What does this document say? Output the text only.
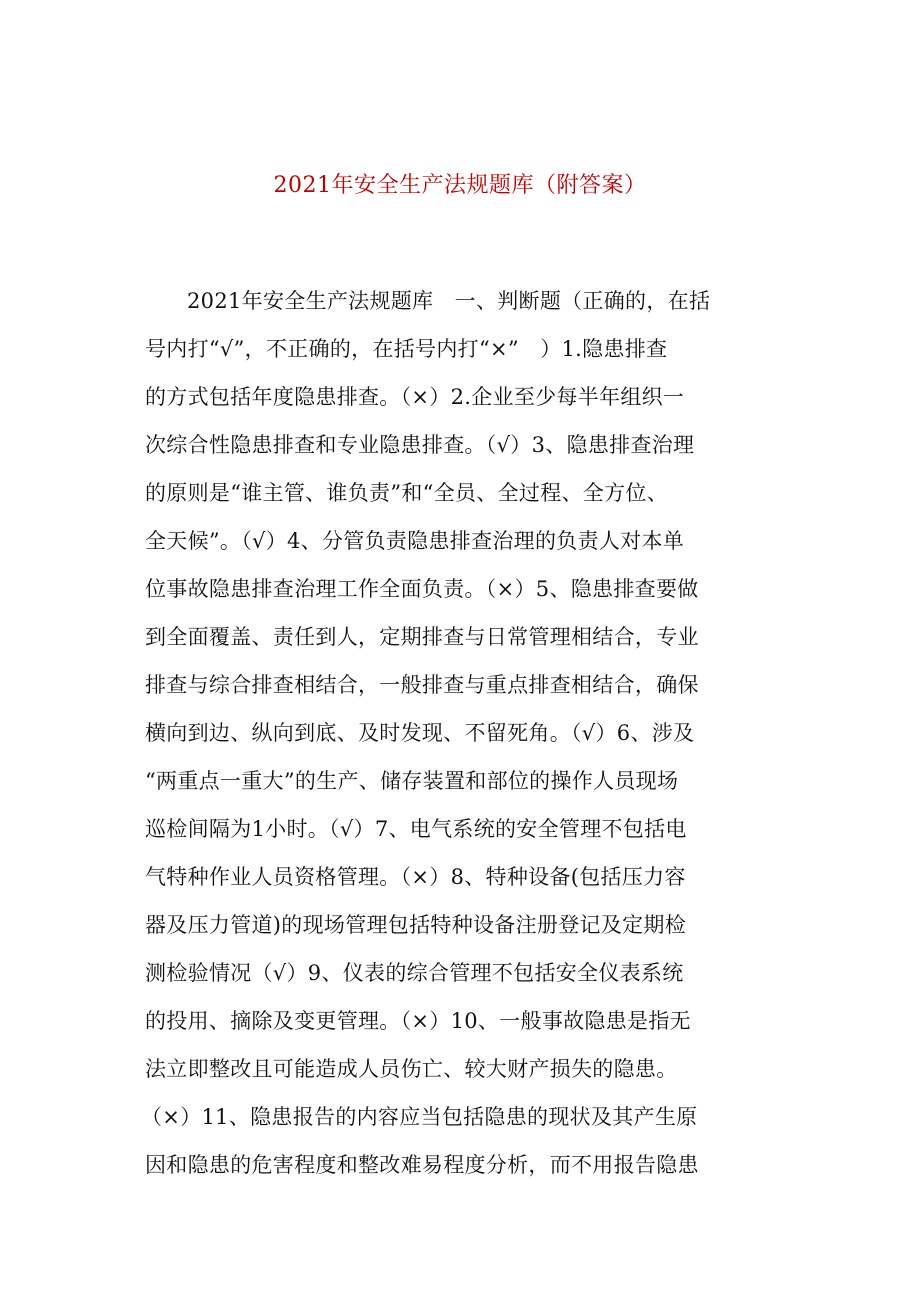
2021年安全生产法规题库（附答案）
2021年安全生产法规题库　一、判断题（正确的，在括
号内打“√”，不正确的，在括号内打“×”　）1.隐患排查
的方式包括年度隐患排查。（×）2.企业至少每半年组织一
次综合性隐患排查和专业隐患排查。（√）3、隐患排查治理
的原则是“谁主管、谁负责”和“全员、全过程、全方位、
全天候”。（√）4、分管负责隐患排查治理的负责人对本单
位事故隐患排查治理工作全面负责。（×）5、隐患排查要做
到全面覆盖、责任到人，定期排查与日常管理相结合，专业
排查与综合排查相结合，一般排查与重点排查相结合，确保
横向到边、纵向到底、及时发现、不留死角。（√）6、涉及
“两重点一重大”的生产、储存装置和部位的操作人员现场
巡检间隔为1小时。（√）7、电气系统的安全管理不包括电
气特种作业人员资格管理。（×）8、特种设备(包括压力容
器及压力管道)的现场管理包括特种设备注册登记及定期检
测检验情况（√）9、仪表的综合管理不包括安全仪表系统
的投用、摘除及变更管理。（×）10、一般事故隐患是指无
法立即整改且可能造成人员伤亡、较大财产损失的隐患。
（×）11、隐患报告的内容应当包括隐患的现状及其产生原
因和隐患的危害程度和整改难易程度分析，而不用报告隐患
